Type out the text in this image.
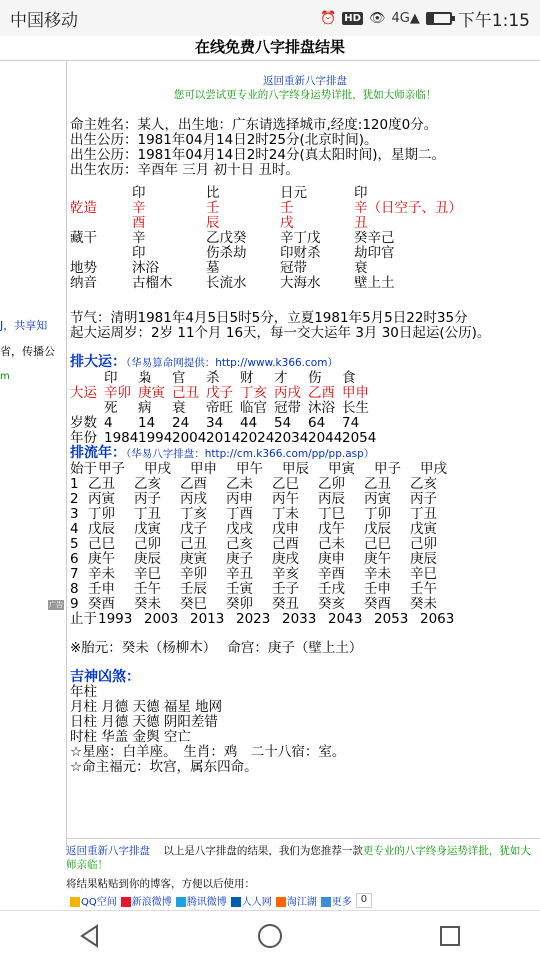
中国移动	⏰ HD 👁 4G▲ 下午1:15
在线免费八字排盘结果
J，共享知
省，传播公
m
广告
返回重新八字排盘
您可以尝试更专业的八字终身运势详批，犹如大师亲临！
命主姓名：某人，出生地：广东请选择城市,经度:120度0分。
出生公历：1981年04月14日2时25分(北京时间)。
出生公历：1981年04月14日2时24分(真太阳时间)，星期二。
出生农历：辛酉年 三月 初十日 丑时。
印	比	日元	印
乾造	辛	壬	壬	辛（日空子、丑）
酉	辰	戌	丑
藏干	辛	乙戊癸	辛丁戊	癸辛己
印	伤杀劫	印财杀	劫印官
地势	沐浴	墓	冠带	衰
纳音	古榴木	长流水	大海水	壁上土
节气：清明1981年4月5日5时5分，立夏1981年5月5日22时35分
起大运周岁：2岁 11个月 16天，每一交大运年 3月 30日起运(公历)。
排大运：（华易算命网提供：http://www.k366.com）
印	枭	官	杀	财	才	伤	食
大运 辛卯 庚寅 己丑 戊子 丁亥 丙戌 乙酉 甲申
死	病	衰	帝旺 临官 冠带 沐浴 长生
岁数 4	14	24	34	44	54	64	74
年份 1984 1994 2004 2014 2024 2034 2044 2054
排流年：（华易八字排盘：http://cm.k366.com/pp/pp.asp）
始于 甲子	甲戌	甲申	甲午	甲辰	甲寅	甲子	甲戌
1 乙丑	乙亥	乙酉	乙未	乙巳	乙卯	乙丑	乙亥
2 丙寅	丙子	丙戌	丙申	丙午	丙辰	丙寅	丙子
3 丁卯	丁丑	丁亥	丁酉	丁未	丁巳	丁卯	丁丑
4 戊辰	戊寅	戊子	戊戌	戊申	戊午	戊辰	戊寅
5 己巳	己卯	己丑	己亥	己酉	己未	己巳	己卯
6 庚午	庚辰	庚寅	庚子	庚戌	庚申	庚午	庚辰
7 辛未	辛巳	辛卯	辛丑	辛亥	辛酉	辛未	辛巳
8 壬申	壬午	壬辰	壬寅	壬子	壬戌	壬申	壬午
9 癸酉	癸未	癸巳	癸卯	癸丑	癸亥	癸酉	癸未
止于 1993 2003 2013 2023 2033 2043 2053 2063
※胎元：癸未（杨柳木）　 命宫：庚子（壁上土）
吉神凶煞：
年柱
月柱 月德 天德 福星 地网
日柱 月德 天德 阴阳差错
时柱 华盖 金舆 空亡
☆星座：白羊座。　生肖：鸡　二十八宿：室。
☆命主福元：坎宫，属东四命。
返回重新八字排盘 以上是八字排盘的结果，我们为您推荐一款更专业的八字终身运势详批，犹如大师亲临！
将结果粘贴到你的博客，方便以后使用：
QQ空间	新浪微博	腾讯微博	人人网	淘江湖	更多 0
